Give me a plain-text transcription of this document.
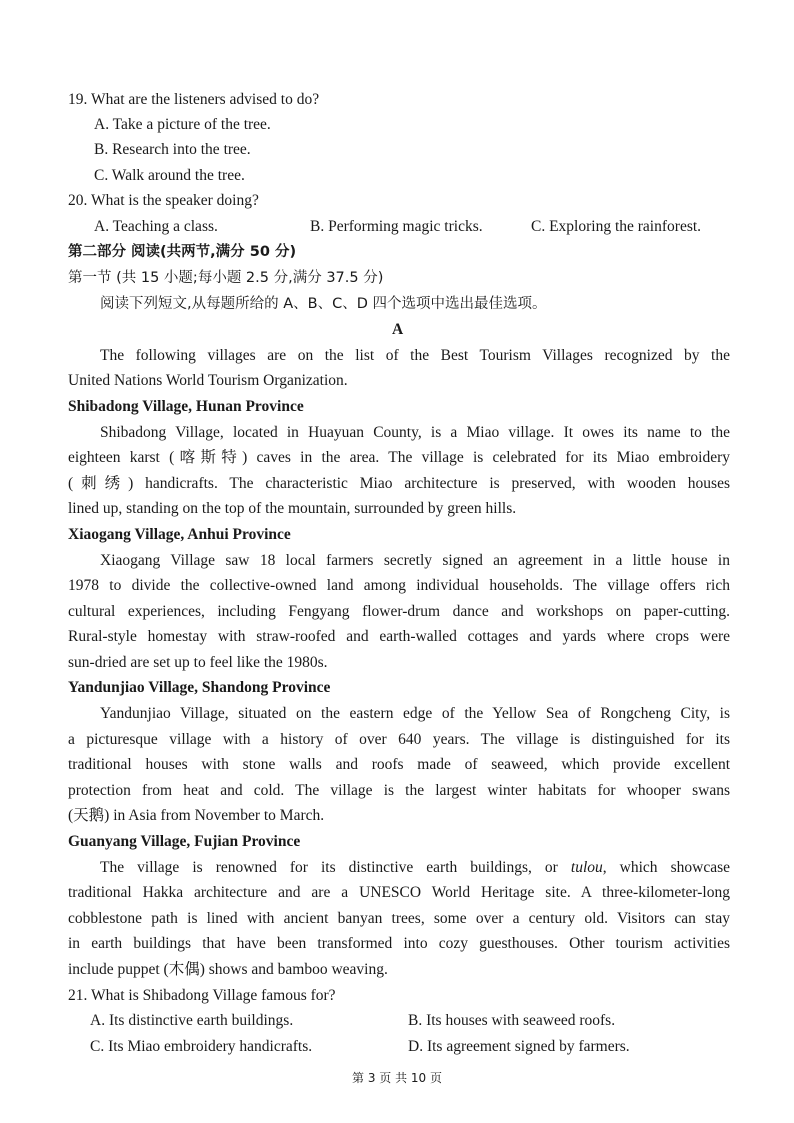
19. What are the listeners advised to do?
A. Take a picture of the tree.
B. Research into the tree.
C. Walk around the tree.
20. What is the speaker doing?
A. Teaching a class.	B. Performing magic tricks.	C. Exploring the rainforest.
第二部分 阅读(共两节,满分 50 分)
第一节 (共 15 小题;每小题 2.5 分,满分 37.5 分)
阅读下列短文,从每题所给的 A、B、C、D 四个选项中选出最佳选项。
A
The following villages are on the list of the Best Tourism Villages recognized by the
United Nations World Tourism Organization.
Shibadong Village, Hunan Province
Shibadong Village, located in Huayuan County, is a Miao village. It owes its name to the
eighteen karst (喀斯特) caves in the area. The village is celebrated for its Miao embroidery
(刺绣) handicrafts. The characteristic Miao architecture is preserved, with wooden houses
lined up, standing on the top of the mountain, surrounded by green hills.
Xiaogang Village, Anhui Province
Xiaogang Village saw 18 local farmers secretly signed an agreement in a little house in
1978 to divide the collective-owned land among individual households. The village offers rich
cultural experiences, including Fengyang flower-drum dance and workshops on paper-cutting.
Rural-style homestay with straw-roofed and earth-walled cottages and yards where crops were
sun-dried are set up to feel like the 1980s.
Yandunjiao Village, Shandong Province
Yandunjiao Village, situated on the eastern edge of the Yellow Sea of Rongcheng City, is
a picturesque village with a history of over 640 years. The village is distinguished for its
traditional houses with stone walls and roofs made of seaweed, which provide excellent
protection from heat and cold. The village is the largest winter habitats for whooper swans
(天鹅) in Asia from November to March.
Guanyang Village, Fujian Province
The village is renowned for its distinctive earth buildings, or tulou, which showcase
traditional Hakka architecture and are a UNESCO World Heritage site. A three-kilometer-long
cobblestone path is lined with ancient banyan trees, some over a century old. Visitors can stay
in earth buildings that have been transformed into cozy guesthouses. Other tourism activities
include puppet (木偶) shows and bamboo weaving.
21. What is Shibadong Village famous for?
A. Its distinctive earth buildings.	B. Its houses with seaweed roofs.
C. Its Miao embroidery handicrafts.	D. Its agreement signed by farmers.
第 3 页 共 10 页
